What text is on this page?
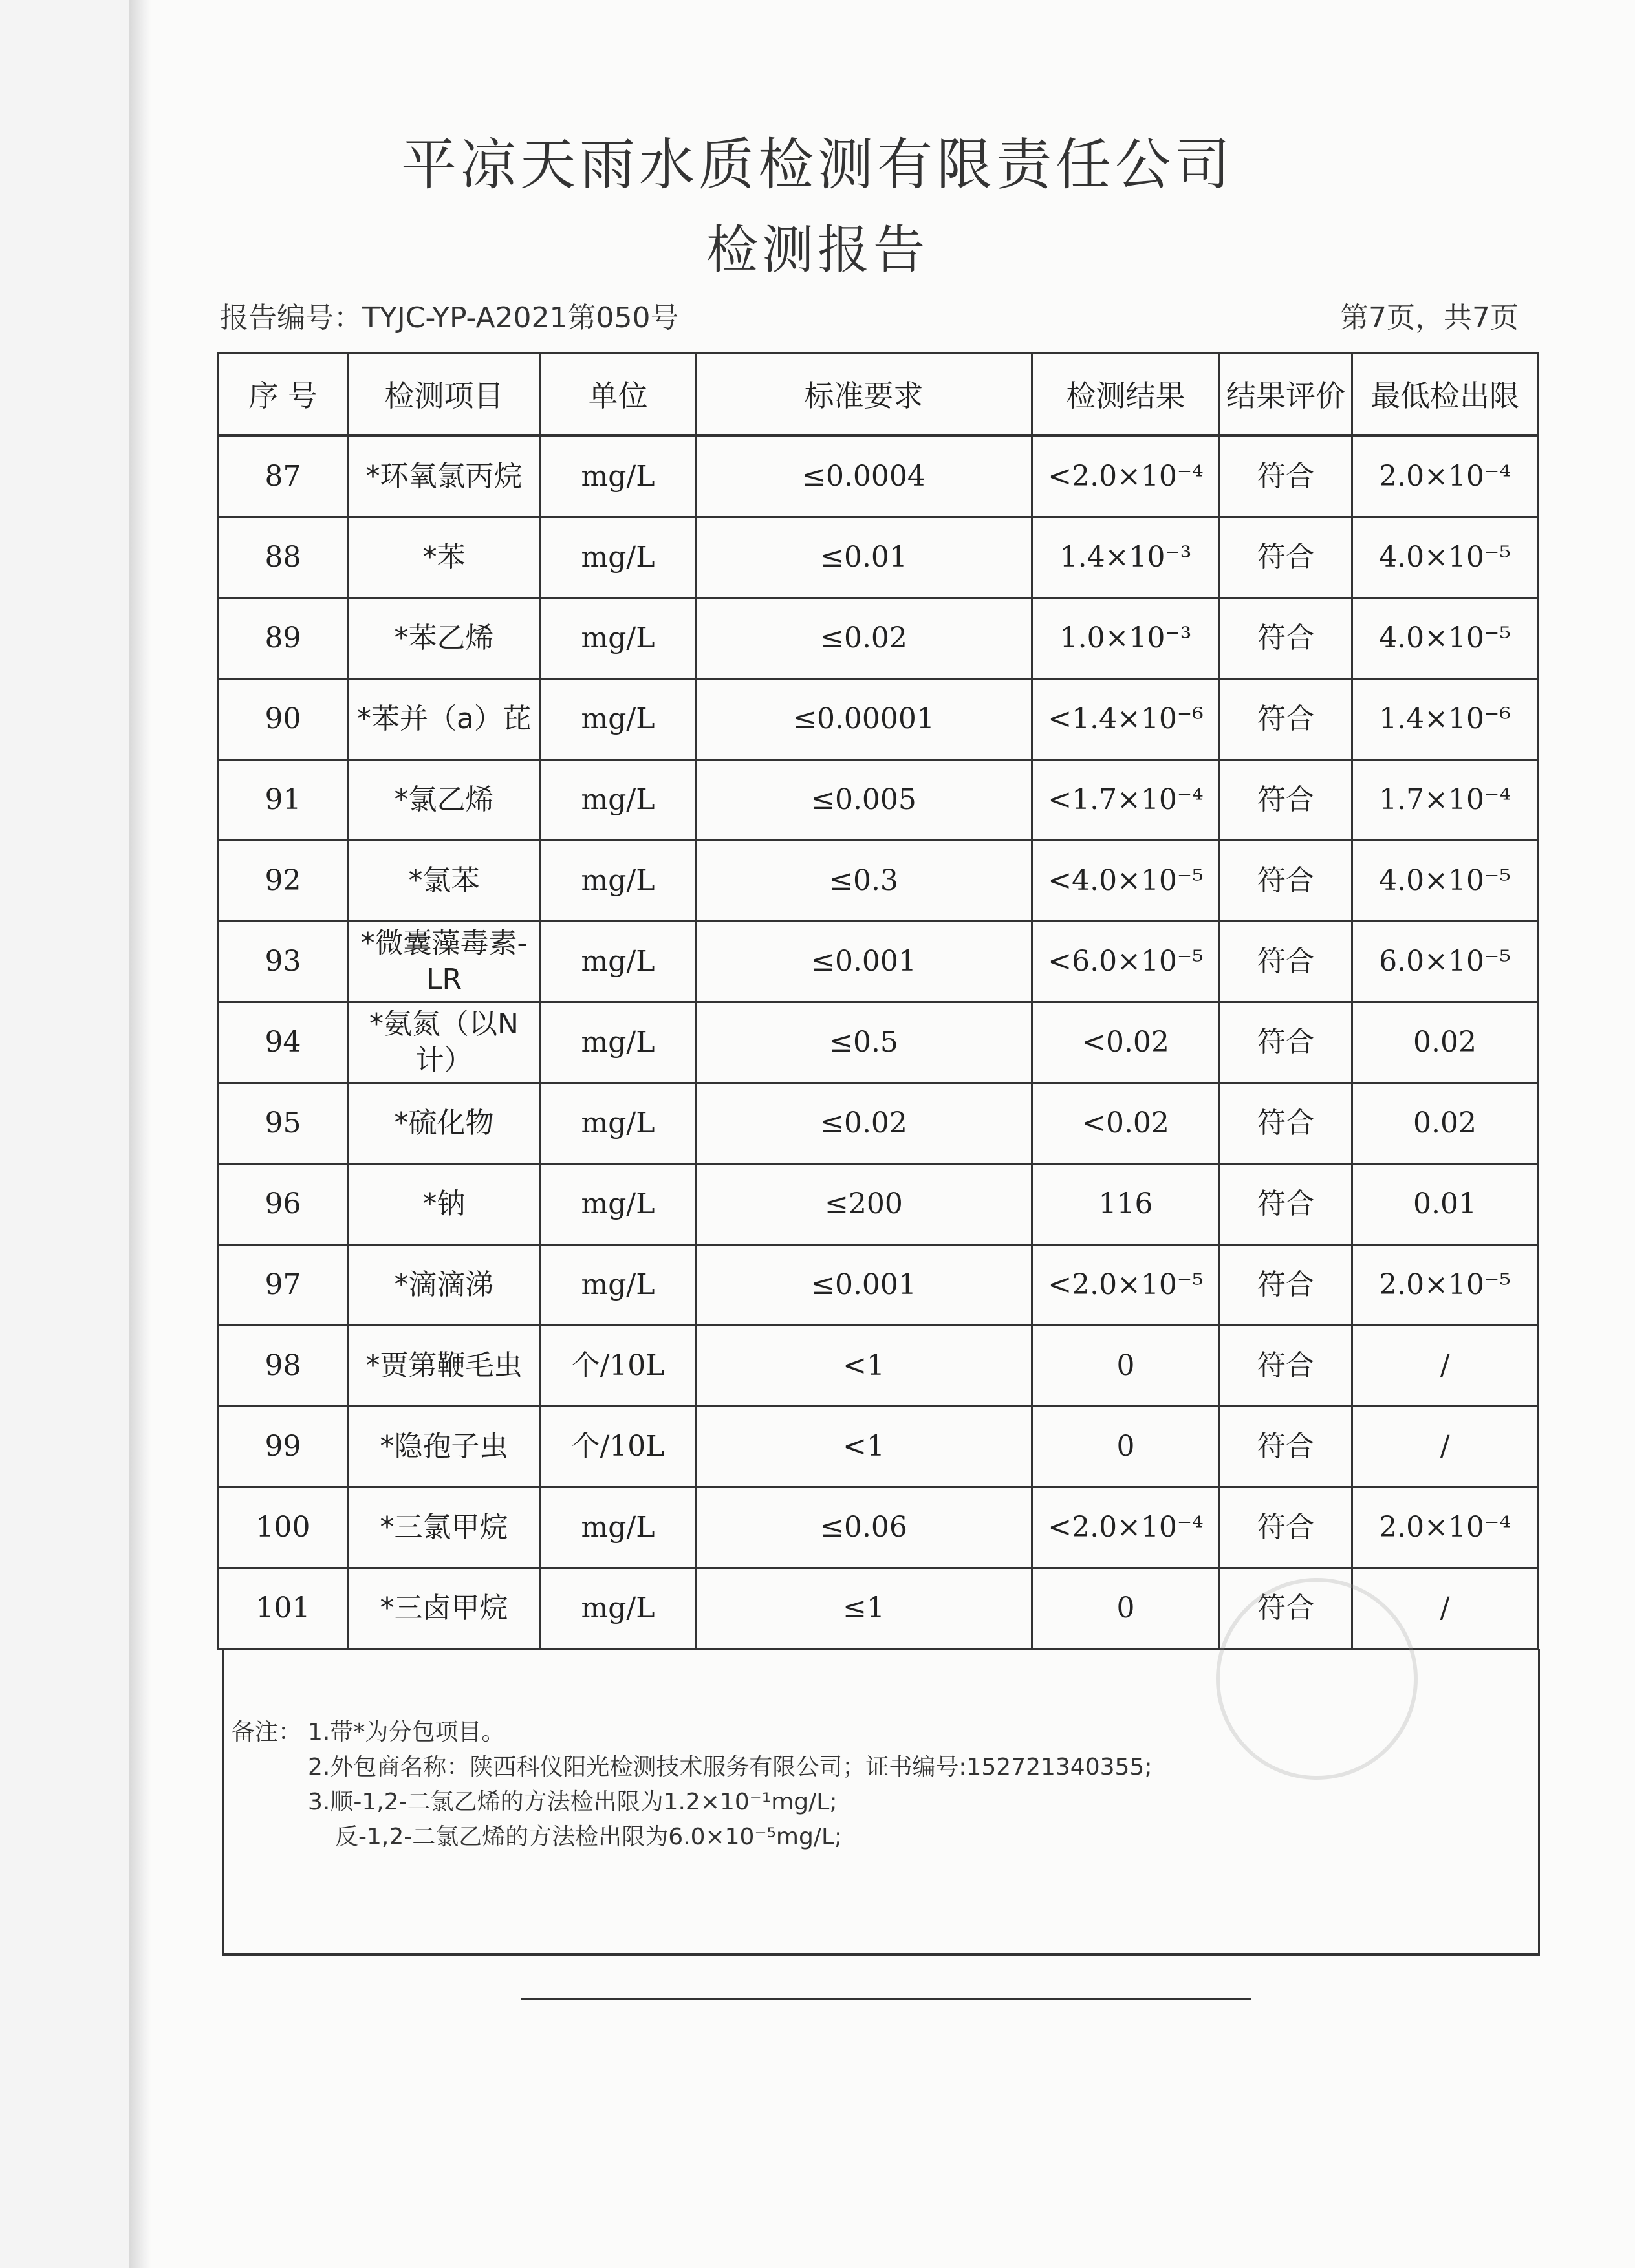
平凉天雨水质检测有限责任公司
检测报告
报告编号：TYJC-YP-A2021第050号	第7页，共7页
序 号	检测项目	单位	标准要求	检测结果	结果评价	最低检出限
87	*环氧氯丙烷	mg/L	≤0.0004	<2.0×10⁻⁴	符合	2.0×10⁻⁴
88	*苯	mg/L	≤0.01	1.4×10⁻³	符合	4.0×10⁻⁵
89	*苯乙烯	mg/L	≤0.02	1.0×10⁻³	符合	4.0×10⁻⁵
90	*苯并（a）芘	mg/L	≤0.00001	<1.4×10⁻⁶	符合	1.4×10⁻⁶
91	*氯乙烯	mg/L	≤0.005	<1.7×10⁻⁴	符合	1.7×10⁻⁴
92	*氯苯	mg/L	≤0.3	<4.0×10⁻⁵	符合	4.0×10⁻⁵
93	*微囊藻毒素-LR	mg/L	≤0.001	<6.0×10⁻⁵	符合	6.0×10⁻⁵
94	*氨氮（以N计）	mg/L	≤0.5	<0.02	符合	0.02
95	*硫化物	mg/L	≤0.02	<0.02	符合	0.02
96	*钠	mg/L	≤200	116	符合	0.01
97	*滴滴涕	mg/L	≤0.001	<2.0×10⁻⁵	符合	2.0×10⁻⁵
98	*贾第鞭毛虫	个/10L	<1	0	符合	/
99	*隐孢子虫	个/10L	<1	0	符合	/
100	*三氯甲烷	mg/L	≤0.06	<2.0×10⁻⁴	符合	2.0×10⁻⁴
101	*三卤甲烷	mg/L	≤1	0	符合	/
备注： 1.带*为分包项目。
2.外包商名称：陕西科仪阳光检测技术服务有限公司；证书编号:152721340355;
3.顺-1,2-二氯乙烯的方法检出限为1.2×10⁻¹mg/L;
反-1,2-二氯乙烯的方法检出限为6.0×10⁻⁵mg/L;
